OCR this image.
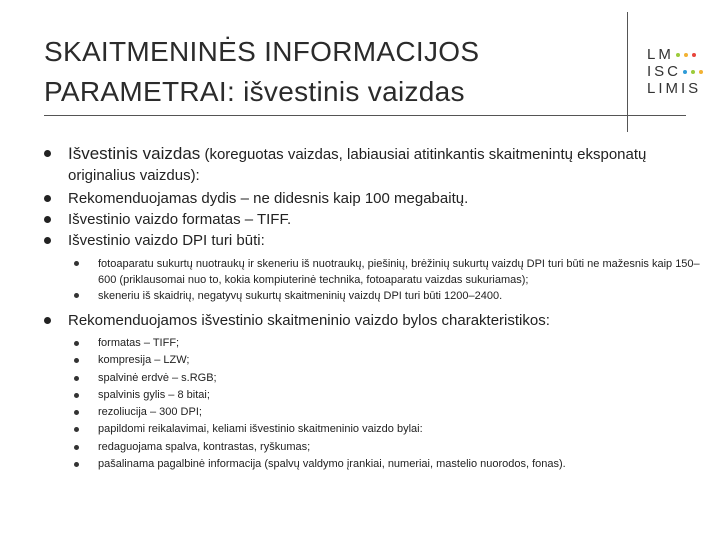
SKAITMENINĖS INFORMACIJOS
PARAMETRAI: išvestinis vaizdas
LM
ISC
LIMIS
Išvestinis vaizdas (koreguotas vaizdas, labiausiai atitinkantis skaitmenintų eksponatų originalius vaizdus):
Rekomenduojamas dydis – ne didesnis kaip 100 megabaitų.
Išvestinio vaizdo formatas – TIFF.
Išvestinio vaizdo DPI turi būti:
fotoaparatu sukurtų nuotraukų ir skeneriu iš nuotraukų, piešinių, brėžinių sukurtų vaizdų DPI turi būti ne mažesnis kaip 150–600 (priklausomai nuo to, kokia kompiuterinė technika, fotoaparatu vaizdas sukuriamas);
skeneriu iš skaidrių, negatyvų sukurtų skaitmeninių vaizdų DPI turi būti 1200–2400.
Rekomenduojamos išvestinio skaitmeninio vaizdo bylos charakteristikos:
formatas – TIFF;
kompresija – LZW;
spalvinė erdvė – s.RGB;
spalvinis gylis – 8 bitai;
rezoliucija – 300 DPI;
papildomi reikalavimai, keliami išvestinio skaitmeninio vaizdo bylai:
redaguojama spalva, kontrastas, ryškumas;
pašalinama pagalbinė informacija (spalvų valdymo įrankiai, numeriai, mastelio nuorodos, fonas).
